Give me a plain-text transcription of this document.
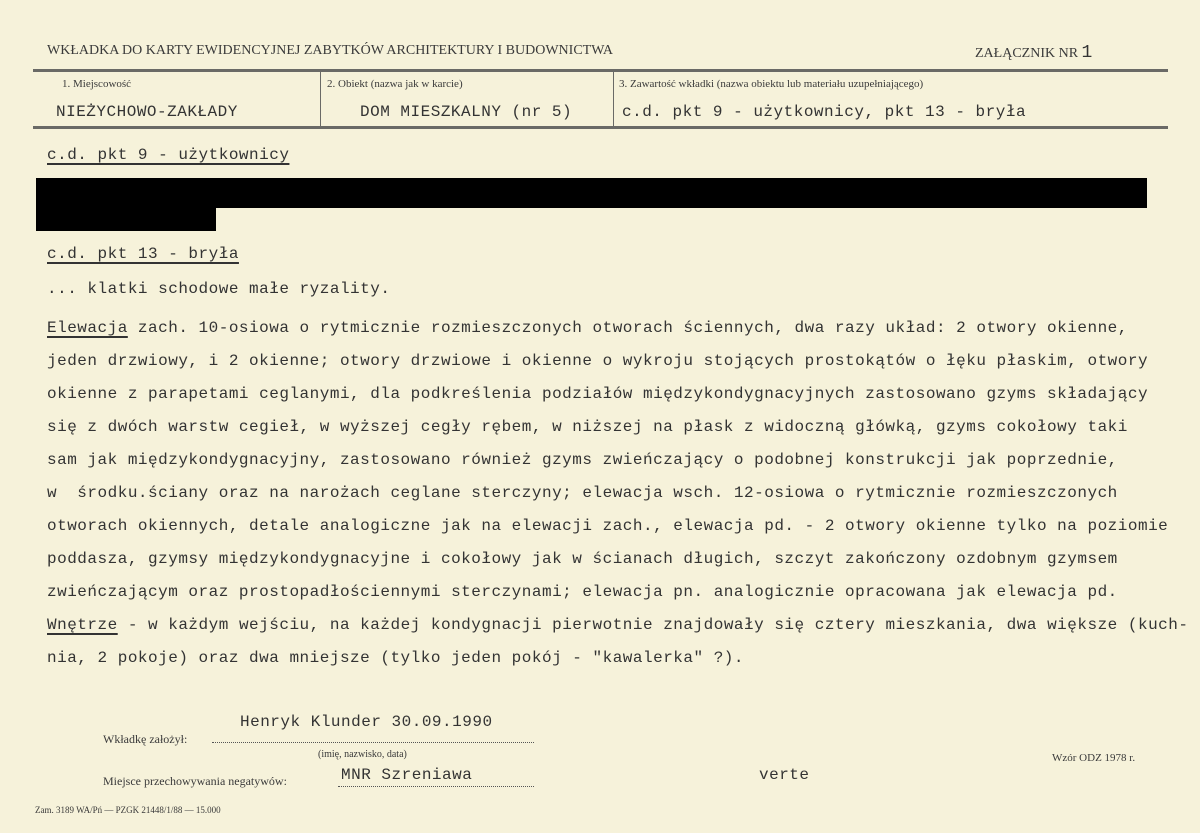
WKŁADKA DO KARTY EWIDENCYJNEJ ZABYTKÓW ARCHITEKTURY I BUDOWNICTWA	ZAŁĄCZNIK NR 1
1. Miejscowość
NIEŻYCHOWO-ZAKŁADY
2. Obiekt (nazwa jak w karcie)
DOM MIESZKALNY (nr 5)
3. Zawartość wkładki (nazwa obiektu lub materiału uzupełniającego)
c.d. pkt 9 - użytkownicy, pkt 13 - bryła
c.d. pkt 9 - użytkownicy
c.d. pkt 13 - bryła
... klatki schodowe małe ryzality.
Elewacja zach. 10-osiowa o rytmicznie rozmieszczonych otworach ściennych, dwa razy układ: 2 otwory okienne,
jeden drzwiowy, i 2 okienne; otwory drzwiowe i okienne o wykroju stojących prostokątów o łęku płaskim, otwory
okienne z parapetami ceglanymi, dla podkreślenia podziałów międzykondygnacyjnych zastosowano gzyms składający
się z dwóch warstw cegieł, w wyższej cegły rębem, w niższej na płask z widoczną główką, gzyms cokołowy taki
sam jak międzykondygnacyjny, zastosowano również gzyms zwieńczający o podobnej konstrukcji jak poprzednie,
w  środku.ściany oraz na narożach ceglane sterczyny; elewacja wsch. 12-osiowa o rytmicznie rozmieszczonych
otworach okiennych, detale analogiczne jak na elewacji zach., elewacja pd. - 2 otwory okienne tylko na poziomie
poddasza, gzymsy międzykondygnacyjne i cokołowy jak w ścianach długich, szczyt zakończony ozdobnym gzymsem
zwieńczającym oraz prostopadłościennymi sterczynami; elewacja pn. analogicznie opracowana jak elewacja pd.
Wnętrze - w każdym wejściu, na każdej kondygnacji pierwotnie znajdowały się cztery mieszkania, dwa większe (kuch-
nia, 2 pokoje) oraz dwa mniejsze (tylko jeden pokój - "kawalerka" ?).
Henryk Klunder 30.09.1990
Wkładkę założył:
(imię, nazwisko, data)	Wzór ODZ 1978 r.
MNR Szreniawa	verte
Miejsce przechowywania negatywów:
Zam. 3189 WA/Pń — PZGK 21448/1/88 — 15.000
